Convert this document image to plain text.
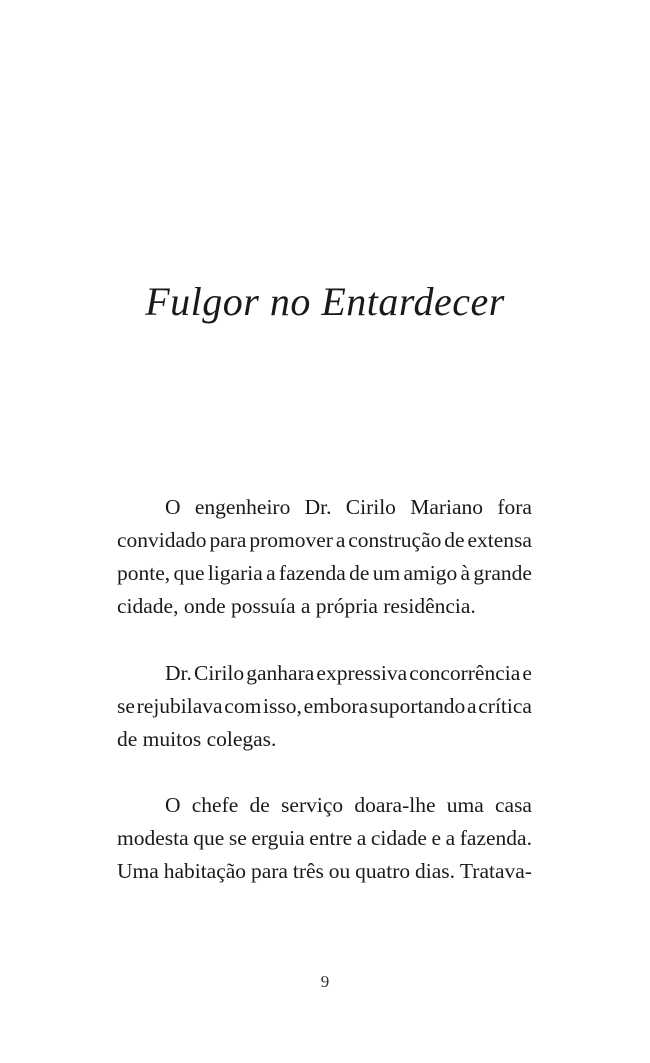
Fulgor no Entardecer
O engenheiro Dr. Cirilo Mariano fora
convidado para promover a construção de extensa
ponte, que ligaria a fazenda de um amigo à grande
cidade, onde possuía a própria residência.
Dr. Cirilo ganhara expressiva concorrência e
se rejubilava com isso, embora suportando a crítica
de muitos colegas.
O chefe de serviço doara-lhe uma casa
modesta que se erguia entre a cidade e a fazenda.
Uma habitação para três ou quatro dias. Tratava-
9
